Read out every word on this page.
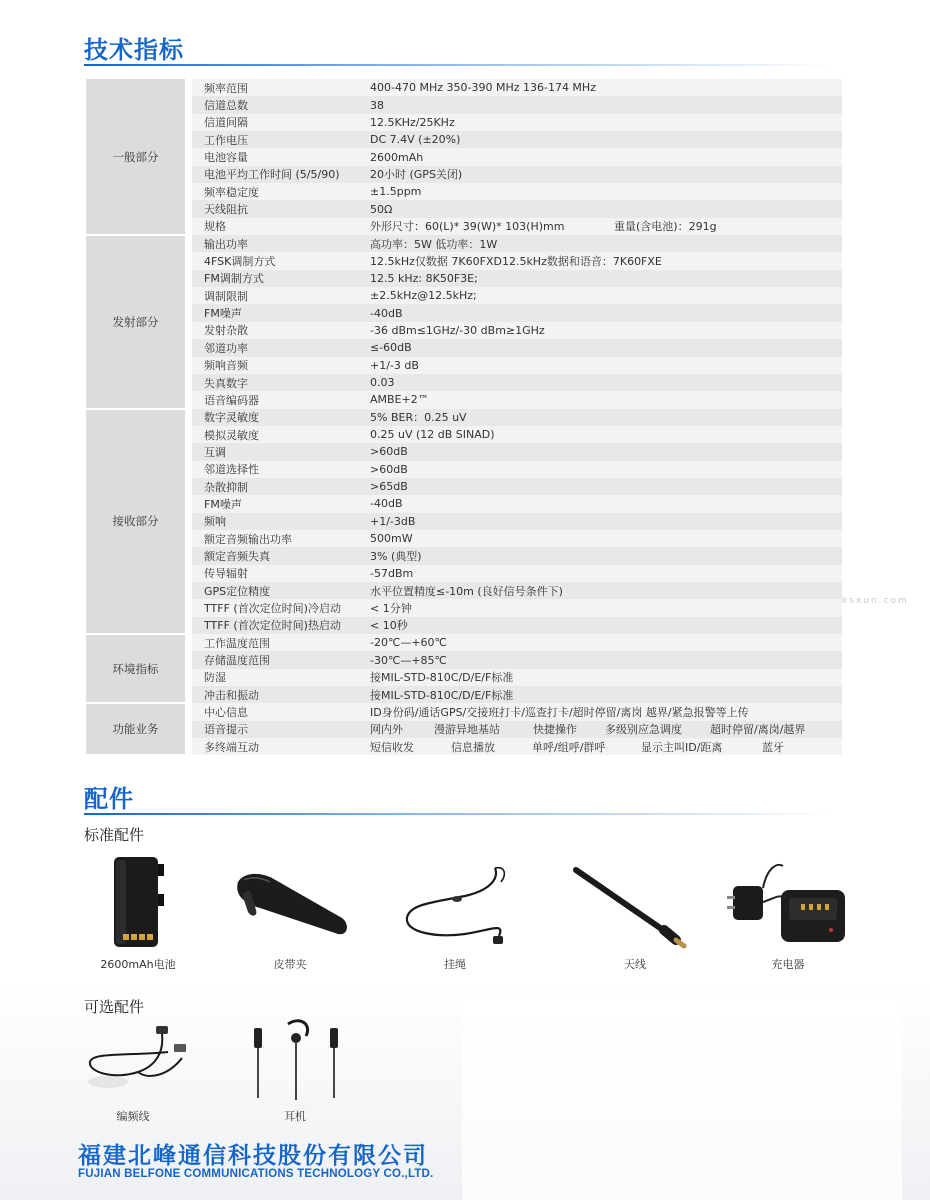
技术指标
一般部分		频率范围	400-470 MHz 350-390 MHz 136-174 MHz
		信道总数	38
		信道间隔	12.5KHz/25KHz
		工作电压	DC 7.4V (±20%)
		电池容量	2600mAh
		电池平均工作时间 (5/5/90)	20小时 (GPS关闭)
		频率稳定度	±1.5ppm
		天线阻抗	50Ω
		规格	外形尺寸：60(L)* 39(W)* 103(H)mm 重量(含电池)：291g
发射部分		输出功率	高功率：5W 低功率：1W
		4FSK调制方式	12.5kHz仅数据 7K60FXD12.5kHz数据和语音：7K60FXE
		FM调制方式	12.5 kHz: 8K50F3E;
		调制限制	±2.5kHz@12.5kHz;
		FM噪声	-40dB
		发射杂散	-36 dBm≤1GHz/-30 dBm≥1GHz
		邻道功率	≤-60dB
		频响音频	+1/-3 dB
		失真数字	0.03
		语音编码器	AMBE+2™
接收部分		数字灵敏度	5% BER：0.25 uV
		模拟灵敏度	0.25 uV (12 dB SINAD)
		互调	>60dB
		邻道选择性	>60dB
		杂散抑制	>65dB
		FM噪声	-40dB
		频响	+1/-3dB
		额定音频输出功率	500mW
		额定音频失真	3% (典型)
		传导辐射	-57dBm
		GPS定位精度	水平位置精度≤-10m (良好信号条件下)
		TTFF (首次定位时间)冷启动	< 1分钟
		TTFF (首次定位时间)热启动	< 10秒
环境指标		工作温度范围	-20℃—+60℃
		存储温度范围	-30℃—+85℃
		防湿	接MIL-STD-810C/D/E/F标准
		冲击和振动	接MIL-STD-810C/D/E/F标准
功能业务		中心信息	ID身份码/通话GPS/交接班打卡/巡查打卡/超时停留/离岗 越界/紧急报警等上传
		语音提示	网内外 漫游异地基站 快捷操作 多级别应急调度 超时停留/离岗/越界
		多终端互动	短信收发 信息播放 单呼/组呼/群呼 显示主叫ID/距离 蓝牙
ksxun.com
配件
标准配件
2600mAh电池	皮带夹	挂绳	天线	充电器
可选配件
编频线	耳机
福建北峰通信科技股份有限公司
FUJIAN BELFONE COMMUNICATIONS TECHNOLOGY CO.,LTD.
